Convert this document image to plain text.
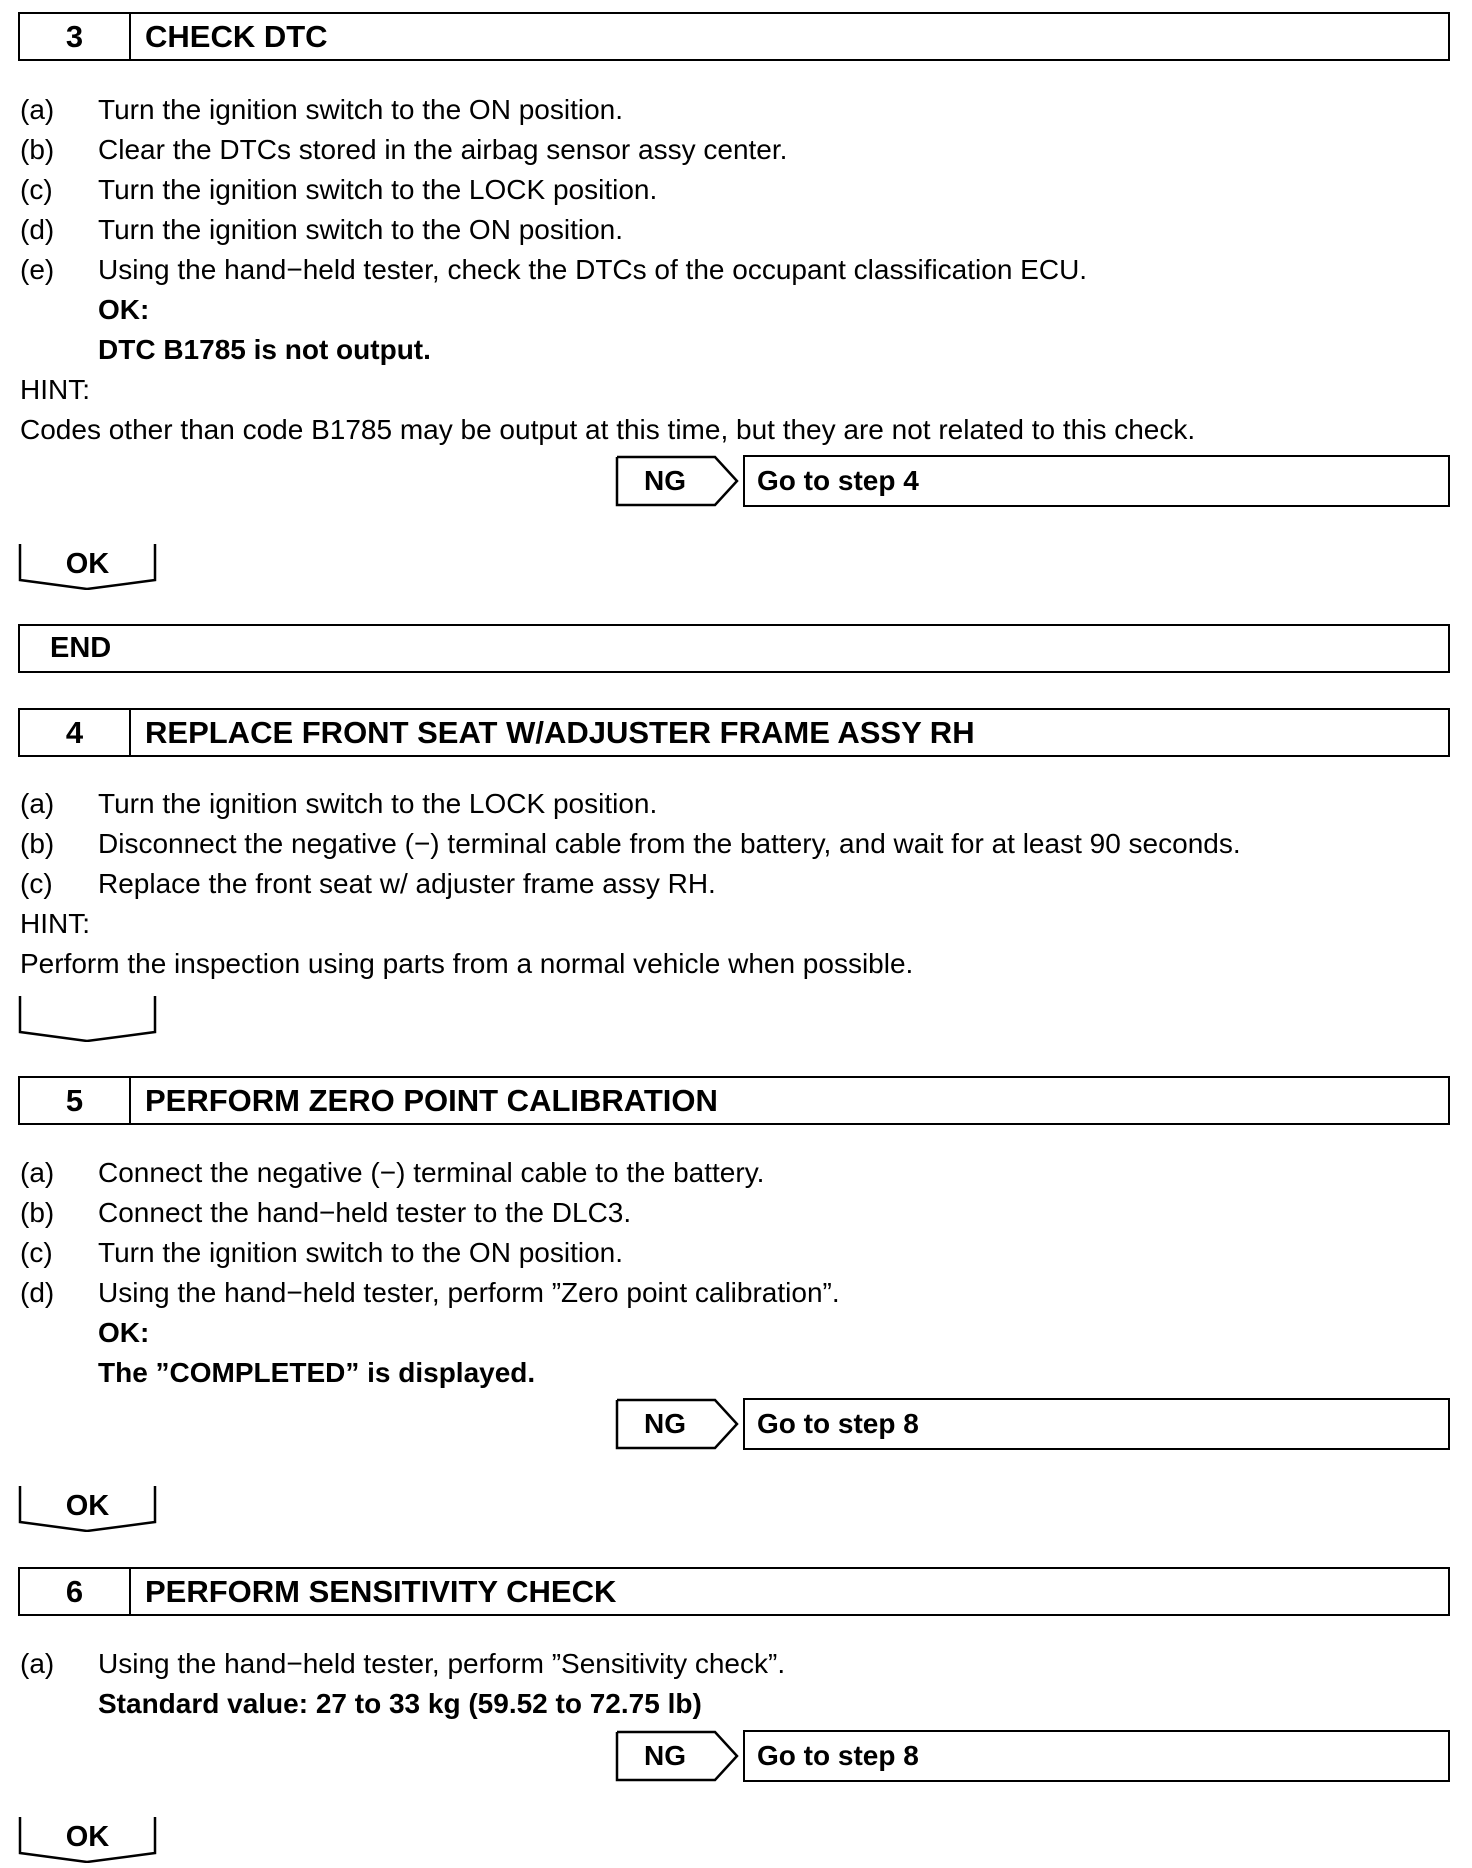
3	CHECK DTC
(a) Turn the ignition switch to the ON position.
(b) Clear the DTCs stored in the airbag sensor assy center.
(c) Turn the ignition switch to the LOCK position.
(d) Turn the ignition switch to the ON position.
(e) Using the hand−held tester, check the DTCs of the occupant classification ECU.
OK:
DTC B1785 is not output.
HINT:
Codes other than code B1785 may be output at this time, but they are not related to this check.
NG	Go to step 4
OK
END
4	REPLACE FRONT SEAT W/ADJUSTER FRAME ASSY RH
(a) Turn the ignition switch to the LOCK position.
(b) Disconnect the negative (−) terminal cable from the battery, and wait for at least 90 seconds.
(c) Replace the front seat w/ adjuster frame assy RH.
HINT:
Perform the inspection using parts from a normal vehicle when possible.
5	PERFORM ZERO POINT CALIBRATION
(a) Connect the negative (−) terminal cable to the battery.
(b) Connect the hand−held tester to the DLC3.
(c) Turn the ignition switch to the ON position.
(d) Using the hand−held tester, perform ”Zero point calibration”.
OK:
The ”COMPLETED” is displayed.
NG	Go to step 8
OK
6	PERFORM SENSITIVITY CHECK
(a) Using the hand−held tester, perform ”Sensitivity check”.
Standard value: 27 to 33 kg (59.52 to 72.75 lb)
NG	Go to step 8
OK
